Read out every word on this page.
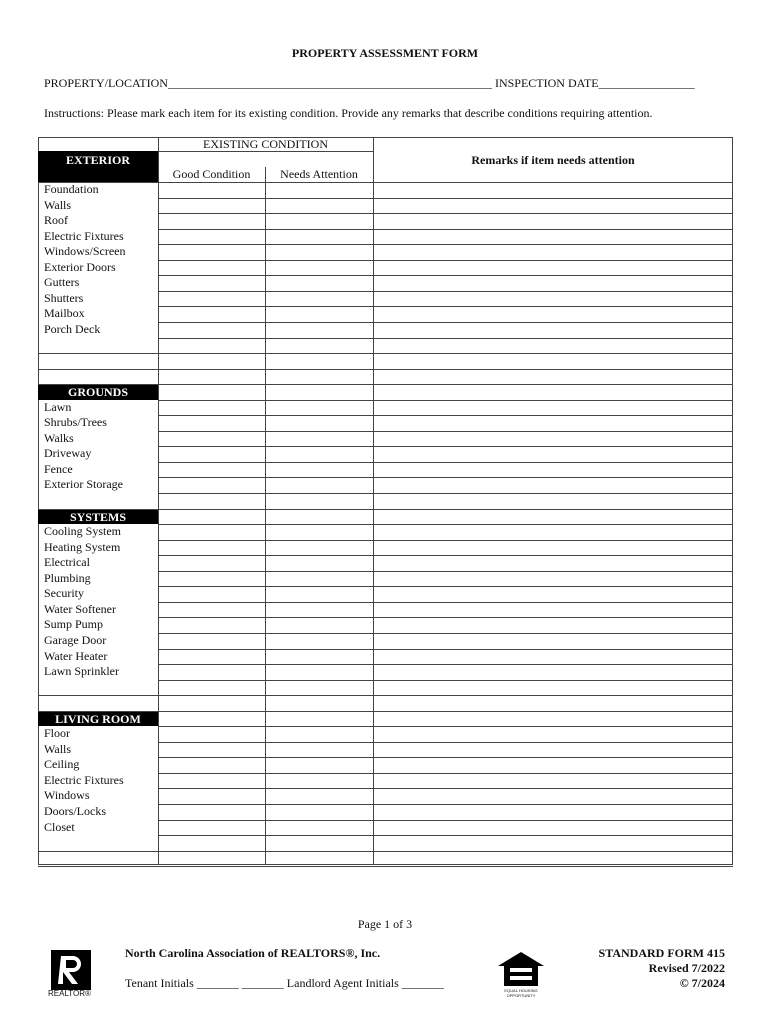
PROPERTY ASSESSMENT FORM
PROPERTY/LOCATION______________________________________________________ INSPECTION DATE________________
Instructions: Please mark each item for its existing condition. Provide any remarks that describe conditions requiring attention.
EXTERIOR
EXISTING CONDITION
Good Condition	Needs Attention
Remarks if item needs attention
Foundation
Walls
Roof
Electric Fixtures
Windows/Screen
Exterior Doors
Gutters
Shutters
Mailbox
Porch Deck
GROUNDS
Lawn
Shrubs/Trees
Walks
Driveway
Fence
Exterior Storage
SYSTEMS
Cooling System
Heating System
Electrical
Plumbing
Security
Water Softener
Sump Pump
Garage Door
Water Heater
Lawn Sprinkler
LIVING ROOM
Floor
Walls
Ceiling
Electric Fixtures
Windows
Doors/Locks
Closet
Page 1 of 3
REALTOR®
North Carolina Association of REALTORS®, Inc.
Tenant Initials _______ _______ Landlord Agent Initials _______
EQUAL HOUSING OPPORTUNITY
STANDARD FORM 415
Revised 7/2022
© 7/2024
